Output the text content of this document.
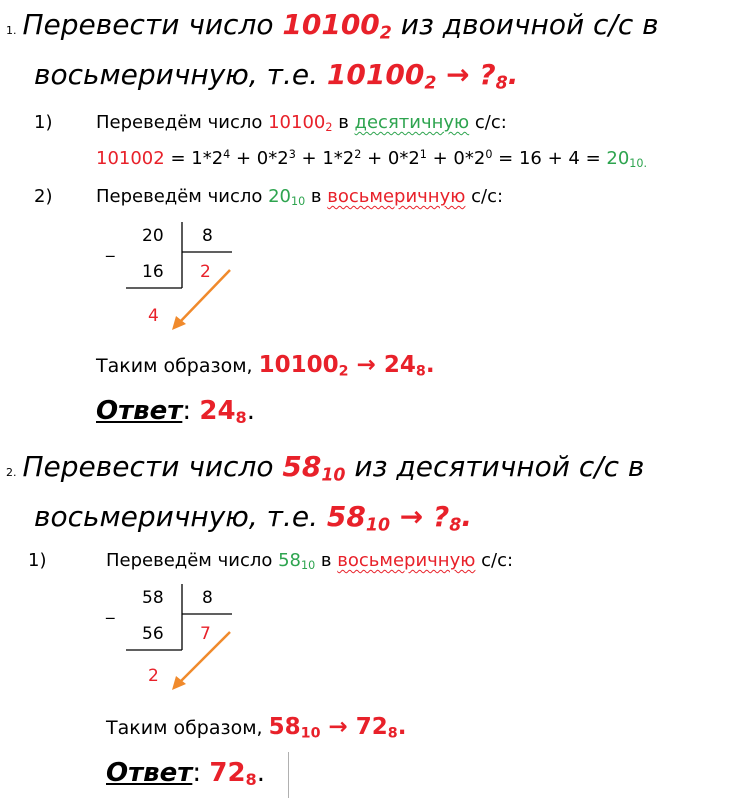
1. Перевести число $10100_2$ из двоичной с/с в
восьмеричную, т.е. $10100_2$ → $?_8$.
1) Переведём число $10100_2$ в десятичную с/с:
$101002 = 1*2^4 + 0*2^3 + 1*2^2 + 0*2^1 + 0*2^0 = 16 + 4 = 20_{10.}$
2) Переведём число $20_{10}$ в восьмеричную с/с:
_
20 8
16 2
4
Таким образом, $10100_2 \to 24_8$.
Ответ: $24_8$.
2. Перевести число $58_{10}$ из десятичной с/с в
восьмеричную, т.е. $58_{10}$ → $?_8$.
1)	Переведём число $58_{10}$ в восьмеричную с/с:
_
58 8
56 7
2
Таким образом, $58_{10} \to 72_8$.
Ответ: $72_8$.
